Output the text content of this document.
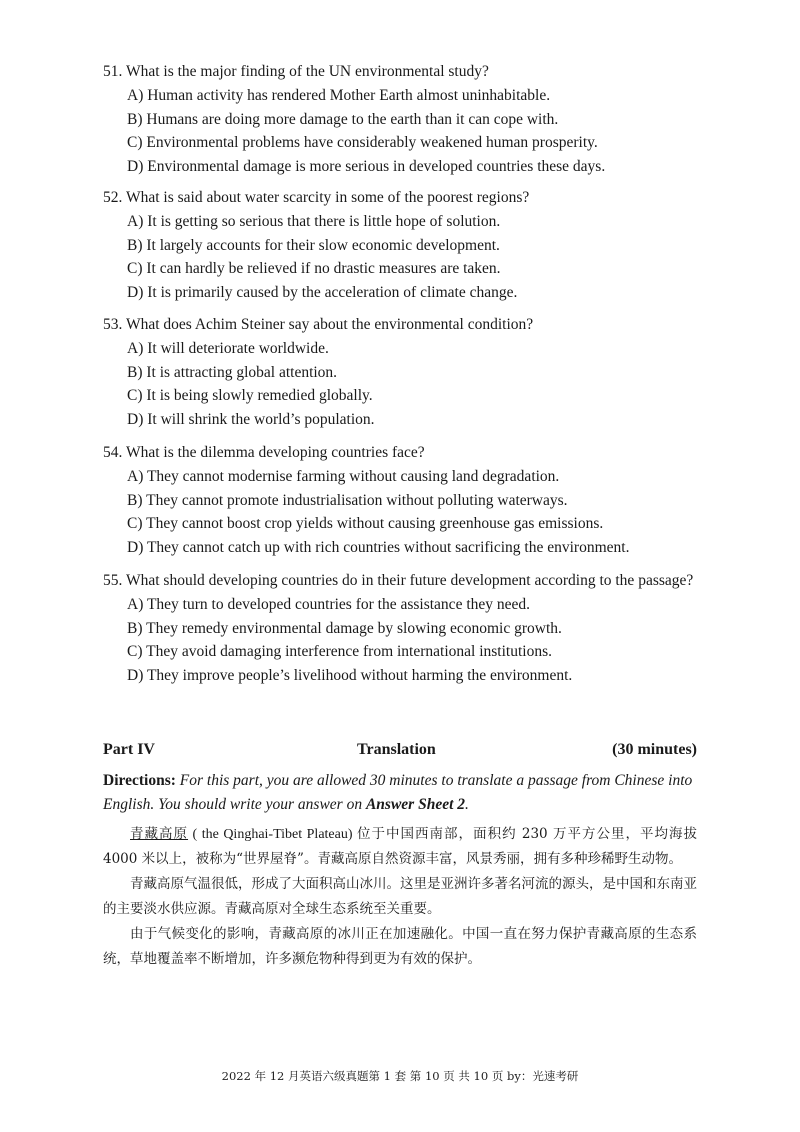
51. What is the major finding of the UN environmental study?
A) Human activity has rendered Mother Earth almost uninhabitable.
B) Humans are doing more damage to the earth than it can cope with.
C) Environmental problems have considerably weakened human prosperity.
D) Environmental damage is more serious in developed countries these days.
52. What is said about water scarcity in some of the poorest regions?
A) It is getting so serious that there is little hope of solution.
B) It largely accounts for their slow economic development.
C) It can hardly be relieved if no drastic measures are taken.
D) It is primarily caused by the acceleration of climate change.
53. What does Achim Steiner say about the environmental condition?
A) It will deteriorate worldwide.
B) It is attracting global attention.
C) It is being slowly remedied globally.
D) It will shrink the world’s population.
54. What is the dilemma developing countries face?
A) They cannot modernise farming without causing land degradation.
B) They cannot promote industrialisation without polluting waterways.
C) They cannot boost crop yields without causing greenhouse gas emissions.
D) They cannot catch up with rich countries without sacrificing the environment.
55. What should developing countries do in their future development according to the passage?
A) They turn to developed countries for the assistance they need.
B) They remedy environmental damage by slowing economic growth.
C) They avoid damaging interference from international institutions.
D) They improve people’s livelihood without harming the environment.
Part IV	Translation	(30 minutes)
Directions: For this part, you are allowed 30 minutes to translate a passage from Chinese into English. You should write your answer on Answer Sheet 2.

青藏高原 ( the Qinghai-Tibet Plateau) 位于中国西南部，面积约 230 万平方公里，平均海拔 4000 米以上，被称为“世界屋脊”。青藏高原自然资源丰富，风景秀丽，拥有多种珍稀野生动物。

青藏高原气温很低，形成了大面积高山冰川。这里是亚洲许多著名河流的源头，是中国和东南亚的主要淡水供应源。青藏高原对全球生态系统至关重要。

由于气候变化的影响，青藏高原的冰川正在加速融化。中国一直在努力保护青藏高原的生态系统，草地覆盖率不断增加，许多濒危物种得到更为有效的保护。

2022 年 12 月英语六级真题第 1 套 第 10 页 共 10 页 by：光速考研
